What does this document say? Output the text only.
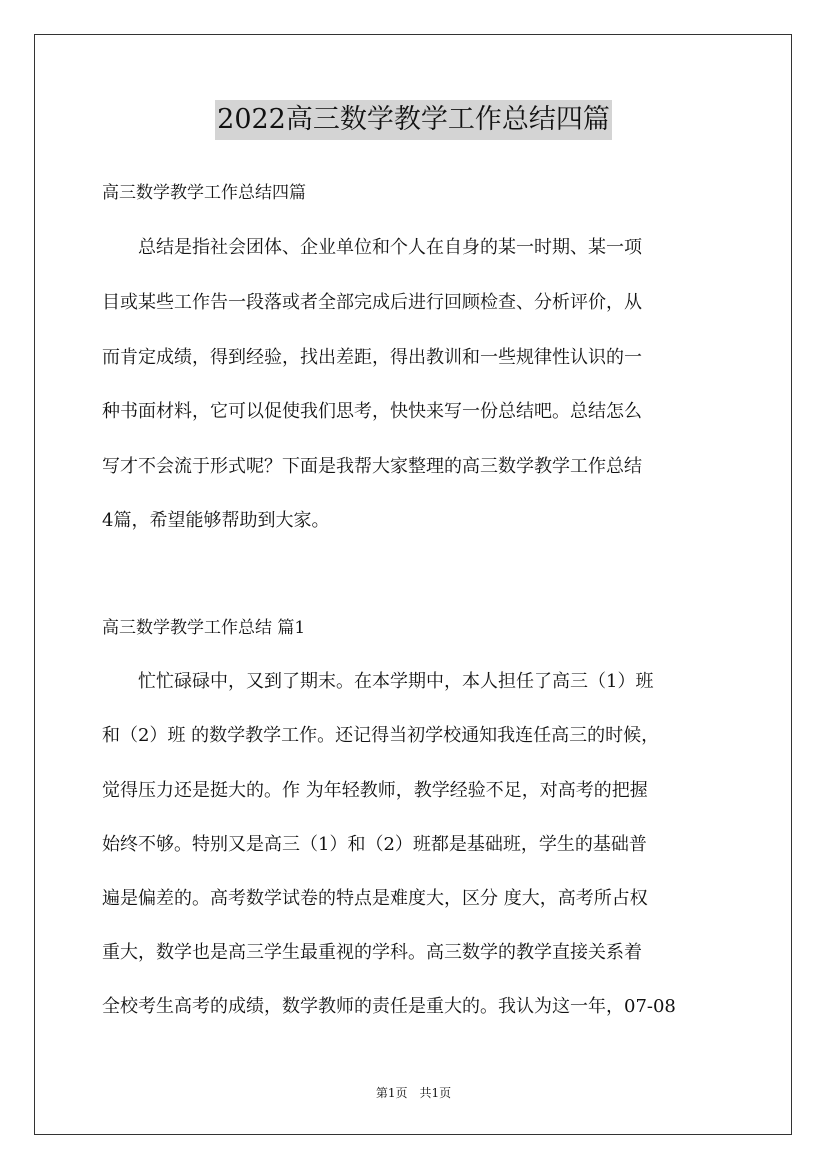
2022高三数学教学工作总结四篇
高三数学教学工作总结四篇
　　总结是指社会团体、企业单位和个人在自身的某一时期、某一项
目或某些工作告一段落或者全部完成后进行回顾检查、分析评价，从
而肯定成绩，得到经验，找出差距，得出教训和一些规律性认识的一
种书面材料，它可以促使我们思考，快快来写一份总结吧。总结怎么
写才不会流于形式呢？下面是我帮大家整理的高三数学教学工作总结
4篇，希望能够帮助到大家。
高三数学教学工作总结 篇1
　　忙忙碌碌中，又到了期末。在本学期中，本人担任了高三（1）班
和（2）班 的数学教学工作。还记得当初学校通知我连任高三的时候，
觉得压力还是挺大的。作 为年轻教师，教学经验不足，对高考的把握
始终不够。特别又是高三（1）和（2）班都是基础班，学生的基础普
遍是偏差的。高考数学试卷的特点是难度大，区分 度大，高考所占权
重大，数学也是高三学生最重视的学科。高三数学的教学直接关系着
全校考生高考的成绩，数学教师的责任是重大的。我认为这一年，07-08
第1页　共1页
